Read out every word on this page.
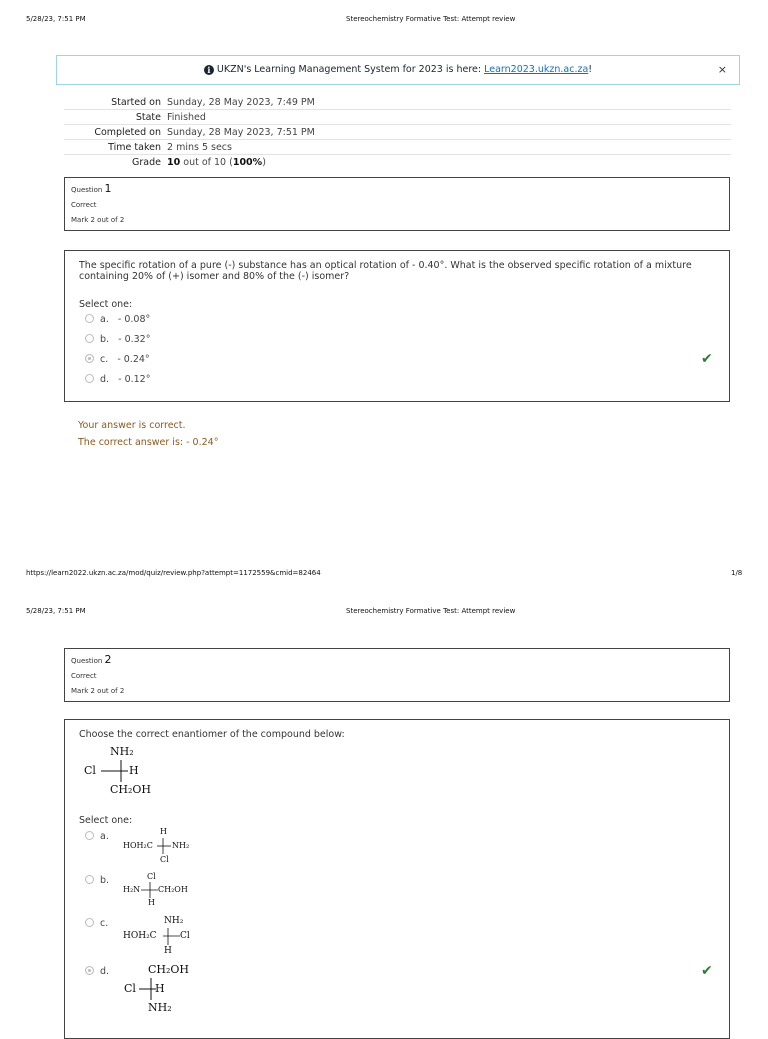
5/28/23, 7:51 PM	Stereochemistry Formative Test: Attempt review
i UKZN's Learning Management System for 2023 is here: Learn2023.ukzn.ac.za!	×
Started on	Sunday, 28 May 2023, 7:49 PM
State	Finished
Completed on	Sunday, 28 May 2023, 7:51 PM
Time taken	2 mins 5 secs
Grade	10 out of 10 (100%)
Question 1
Correct
Mark 2 out of 2
The specific rotation of a pure (-) substance has an optical rotation of - 0.40°. What is the observed specific rotation of a mixture containing 20% of (+) isomer and 80% of the (-) isomer?
Select one:
a. - 0.08°
b. - 0.32°
c. - 0.24°
d. - 0.12°
✔
Your answer is correct.
The correct answer is: - 0.24°
https://learn2022.ukzn.ac.za/mod/quiz/review.php?attempt=1172559&cmid=82464	1/8
5/28/23, 7:51 PM	Stereochemistry Formative Test: Attempt review
Question 2
Correct
Mark 2 out of 2
Choose the correct enantiomer of the compound below:
NH₂
Cl	H
CH₂OH
Select one:
a.	H
HOH₂C NH₂
Cl
b.	Cl
H₂N CH₂OH
H
c.	NH₂
HOH₂C	Cl
H
d.	CH₂OH
Cl H
NH₂
✔
